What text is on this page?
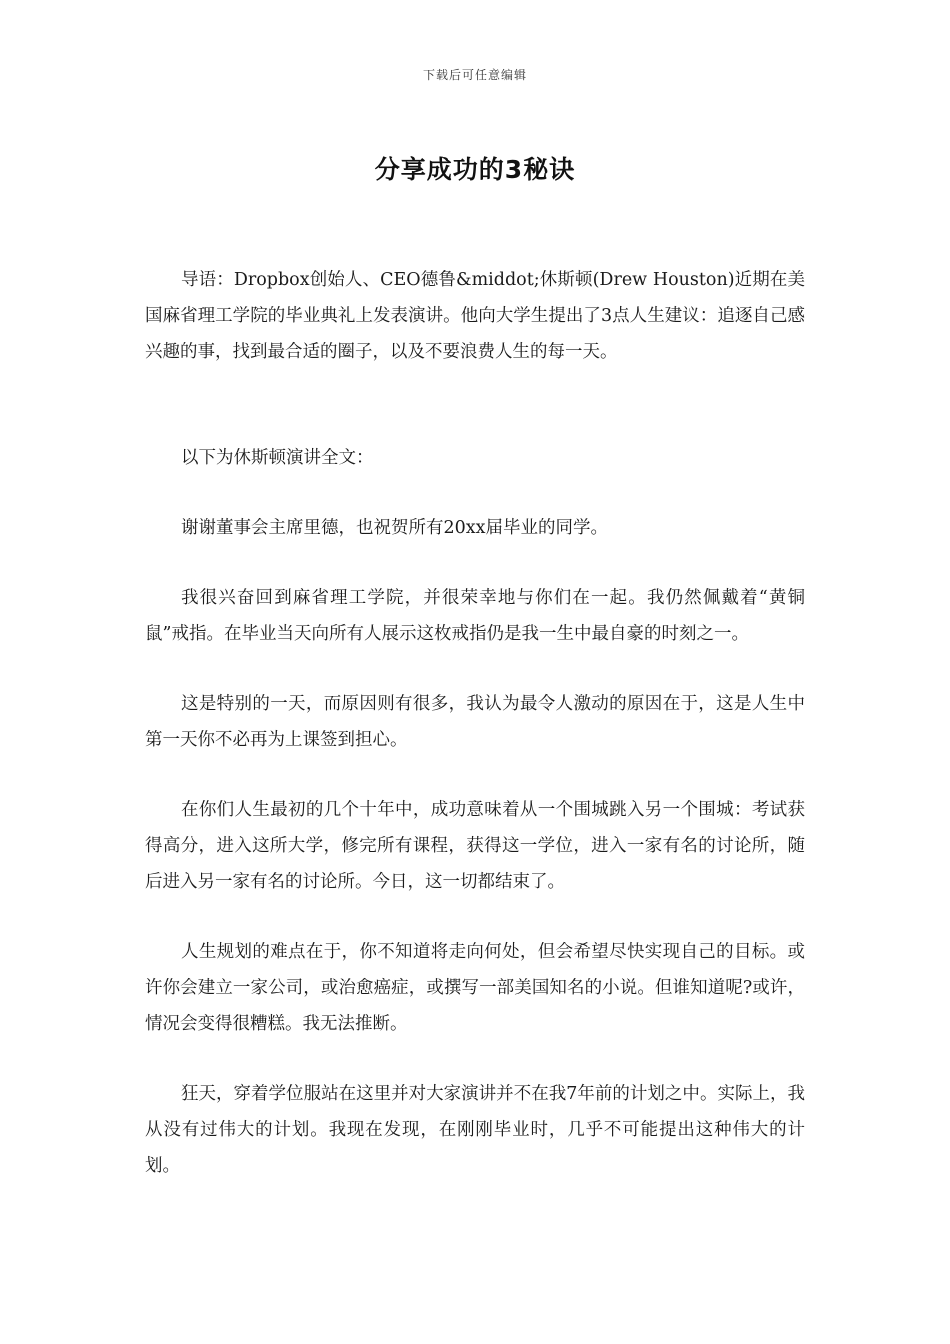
下载后可任意编辑
分享成功的3秘诀

导语：Dropbox创始人、CEO德鲁&middot;休斯顿(Drew Houston)近期在美国麻省理工学院的毕业典礼上发表演讲。他向大学生提出了3点人生建议：追逐自己感兴趣的事，找到最合适的圈子，以及不要浪费人生的每一天。

以下为休斯顿演讲全文：

谢谢董事会主席里德，也祝贺所有20xx届毕业的同学。

我很兴奋回到麻省理工学院，并很荣幸地与你们在一起。我仍然佩戴着“黄铜鼠”戒指。在毕业当天向所有人展示这枚戒指仍是我一生中最自豪的时刻之一。

这是特别的一天，而原因则有很多，我认为最令人激动的原因在于，这是人生中第一天你不必再为上课签到担心。

在你们人生最初的几个十年中，成功意味着从一个围城跳入另一个围城：考试获得高分，进入这所大学，修完所有课程，获得这一学位，进入一家有名的讨论所，随后进入另一家有名的讨论所。今日，这一切都结束了。

人生规划的难点在于，你不知道将走向何处，但会希望尽快实现自己的目标。或许你会建立一家公司，或治愈癌症，或撰写一部美国知名的小说。但谁知道呢?或许，情况会变得很糟糕。我无法推断。

狂天，穿着学位服站在这里并对大家演讲并不在我7年前的计划之中。实际上，我从没有过伟大的计划。我现在发现，在刚刚毕业时，几乎不可能提出这种伟大的计划。
